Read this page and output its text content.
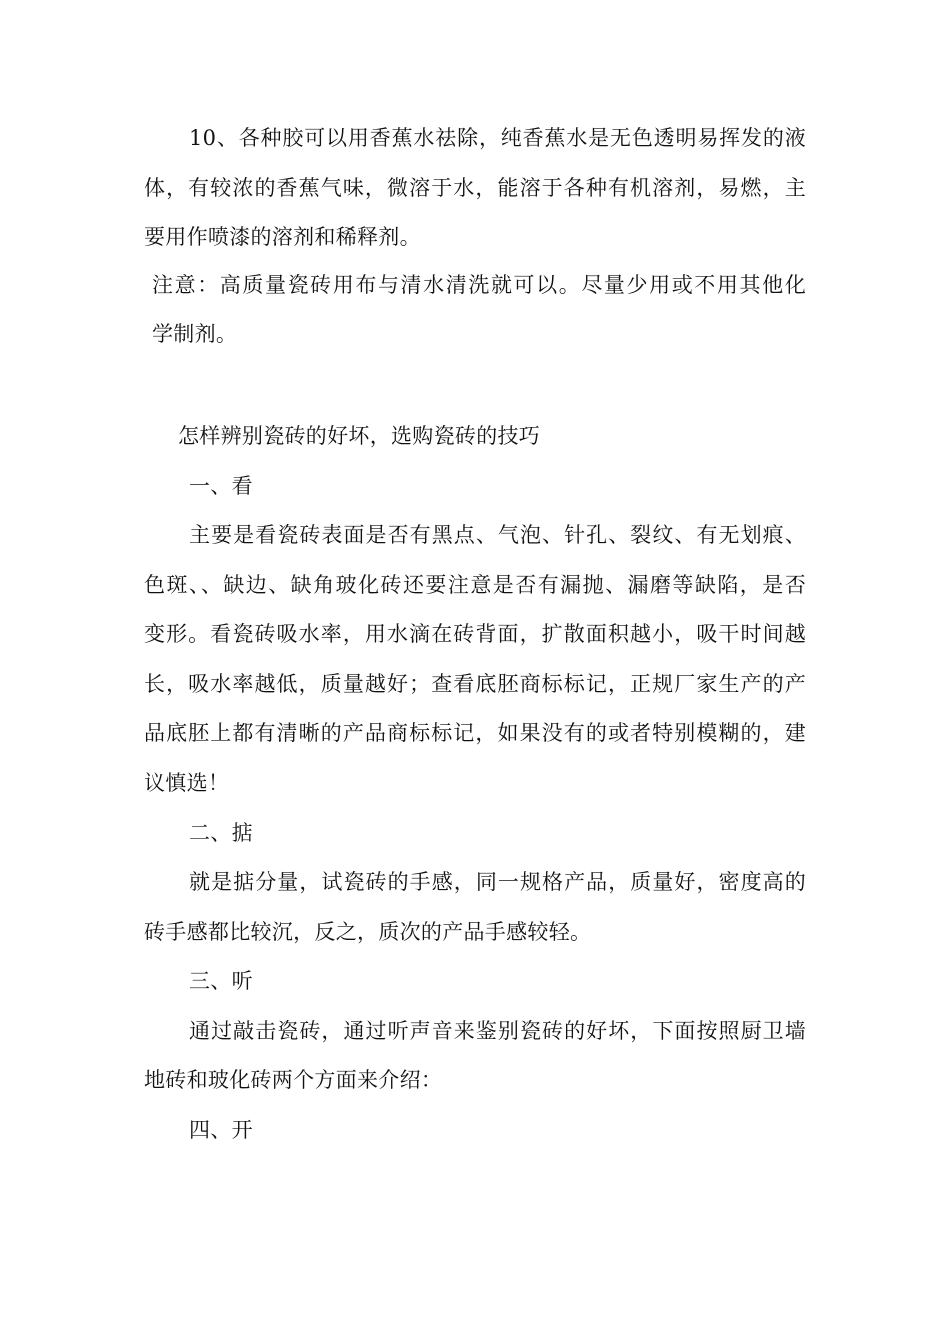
10、各种胶可以用香蕉水祛除，纯香蕉水是无色透明易挥发的液
体，有较浓的香蕉气味，微溶于水，能溶于各种有机溶剂，易燃，主
要用作喷漆的溶剂和稀释剂。
注意：高质量瓷砖用布与清水清洗就可以。尽量少用或不用其他化
学制剂。
怎样辨别瓷砖的好坏，选购瓷砖的技巧
一、看
主要是看瓷砖表面是否有黑点、气泡、针孔、裂纹、有无划痕、
色斑、、缺边、缺角玻化砖还要注意是否有漏抛、漏磨等缺陷，是否
变形。看瓷砖吸水率，用水滴在砖背面，扩散面积越小，吸干时间越
长，吸水率越低，质量越好；查看底胚商标标记，正规厂家生产的产
品底胚上都有清晰的产品商标标记，如果没有的或者特别模糊的，建
议慎选！
二、掂
就是掂分量，试瓷砖的手感，同一规格产品，质量好，密度高的
砖手感都比较沉，反之，质次的产品手感较轻。
三、听
通过敲击瓷砖，通过听声音来鉴别瓷砖的好坏，下面按照厨卫墙
地砖和玻化砖两个方面来介绍：
四、开
